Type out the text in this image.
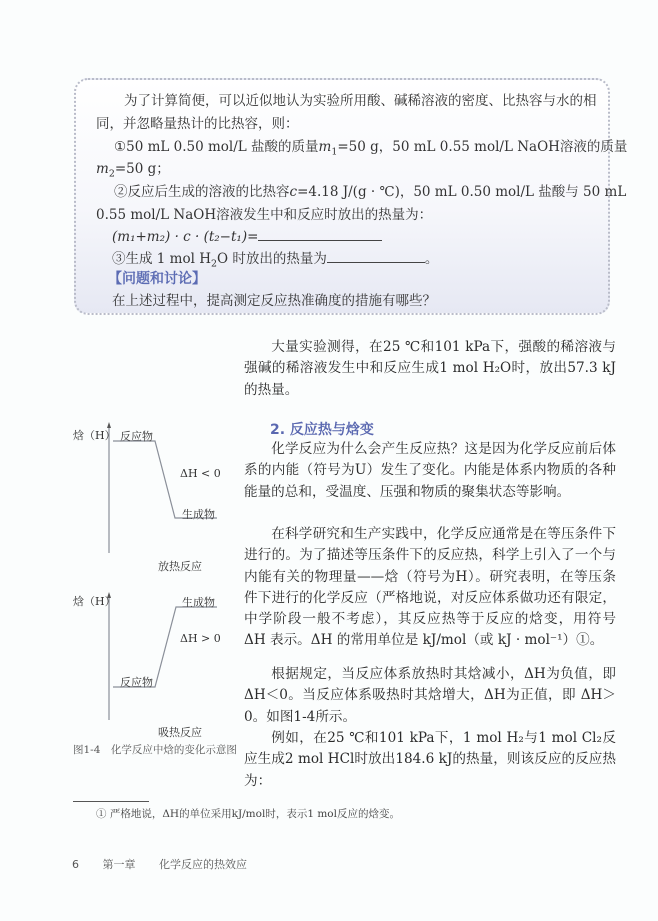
为了计算简便，可以近似地认为实验所用酸、碱稀溶液的密度、比热容与水的相
同，并忽略量热计的比热容，则：
①50 mL 0.50 mol/L 盐酸的质量$m_1=50$ g，50 mL 0.55 mol/L NaOH溶液的质量
$m_2=50$ g；
②反应后生成的溶液的比热容c=4.18 J/(g · ℃)，50 mL 0.50 mol/L 盐酸与 50 mL
0.55 mol/L NaOH溶液发生中和反应时放出的热量为：
(m₁+m₂) · c · (t₂−t₁)=
③生成 1 mol $H_2O$ 时放出的热量为	。
【问题和讨论】
在上述过程中，提高测定反应热准确度的措施有哪些？

大量实验测得，在25 ℃和101 kPa下，强酸的稀溶液与强碱的稀溶液发生中和反应生成1 mol H₂O时，放出57.3 kJ的热量。

2. 反应热与焓变

化学反应为什么会产生反应热？这是因为化学反应前后体系的内能（符号为U）发生了变化。内能是体系内物质的各种能量的总和，受温度、压强和物质的聚集状态等影响。

在科学研究和生产实践中，化学反应通常是在等压条件下进行的。为了描述等压条件下的反应热，科学上引入了一个与内能有关的物理量——焓（符号为H）。研究表明，在等压条件下进行的化学反应（严格地说，对反应体系做功还有限定，中学阶段一般不考虑），其反应热等于反应的焓变，用符号 ΔH 表示。ΔH 的常用单位是 kJ/mol（或 kJ · mol⁻¹）①。

根据规定，当反应体系放热时其焓减小，ΔH为负值，即 ΔH＜0。当反应体系吸热时其焓增大，ΔH为正值，即 ΔH＞0。如图1-4所示。

例如，在25 ℃和101 kPa下，1 mol H₂与1 mol Cl₂反应生成2 mol HCl时放出184.6 kJ的热量，则该反应的反应热为：

焓（H） 反应物
ΔH < 0
生成物
放热反应
焓（H）	生成物
ΔH > 0
反应物
吸热反应
图1-4　化学反应中焓的变化示意图
① 严格地说，ΔH的单位采用kJ/mol时，表示1 mol反应的焓变。
6 第一章 化学反应的热效应
